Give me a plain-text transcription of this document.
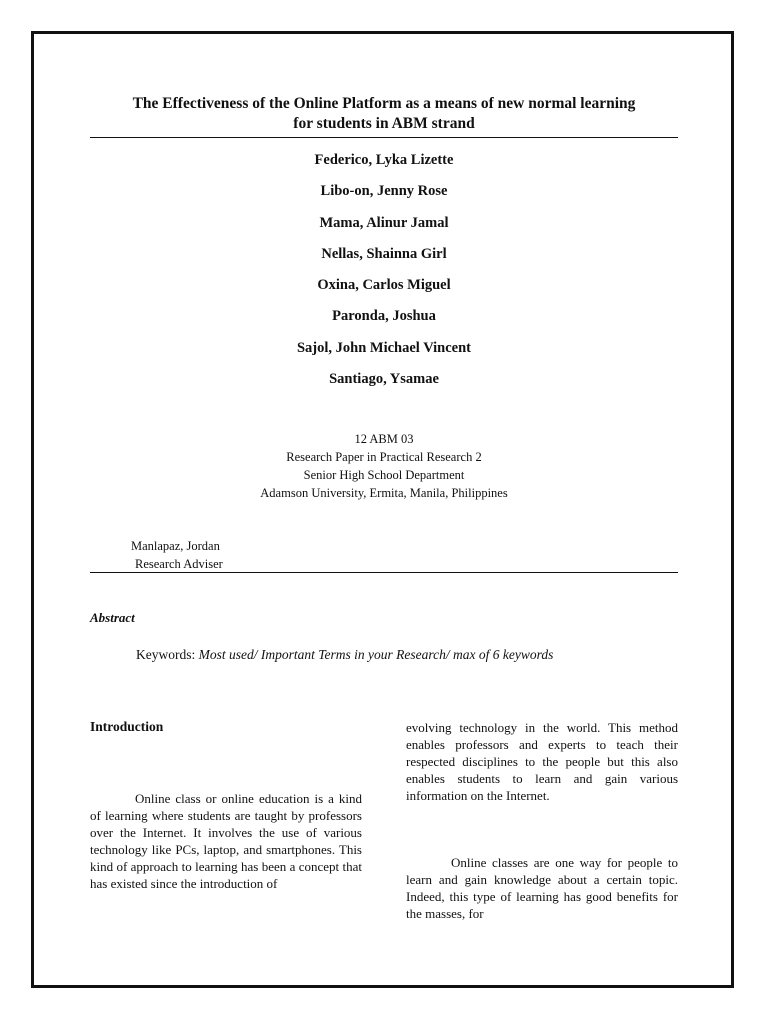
The Effectiveness of the Online Platform as a means of new normal learning
for students in ABM strand
Federico, Lyka Lizette
Libo-on, Jenny Rose
Mama, Alinur Jamal
Nellas, Shainna Girl
Oxina, Carlos Miguel
Paronda, Joshua
Sajol, John Michael Vincent
Santiago, Ysamae
12 ABM 03
Research Paper in Practical Research 2
Senior High School Department
Adamson University, Ermita, Manila, Philippines
Manlapaz, Jordan
Research Adviser
Abstract
Keywords: Most used/ Important Terms in your Research/ max of 6 keywords
Introduction

Online class or online education is a kind of learning where students are taught by professors over the Internet. It involves the use of various technology like PCs, laptop, and smartphones. This kind of approach to learning has been a concept that has existed since the introduction of

evolving technology in the world. This method enables professors and experts to teach their respected disciplines to the people but this also enables students to learn and gain various information on the Internet.

Online classes are one way for people to learn and gain knowledge about a certain topic. Indeed, this type of learning has good benefits for the masses, for
